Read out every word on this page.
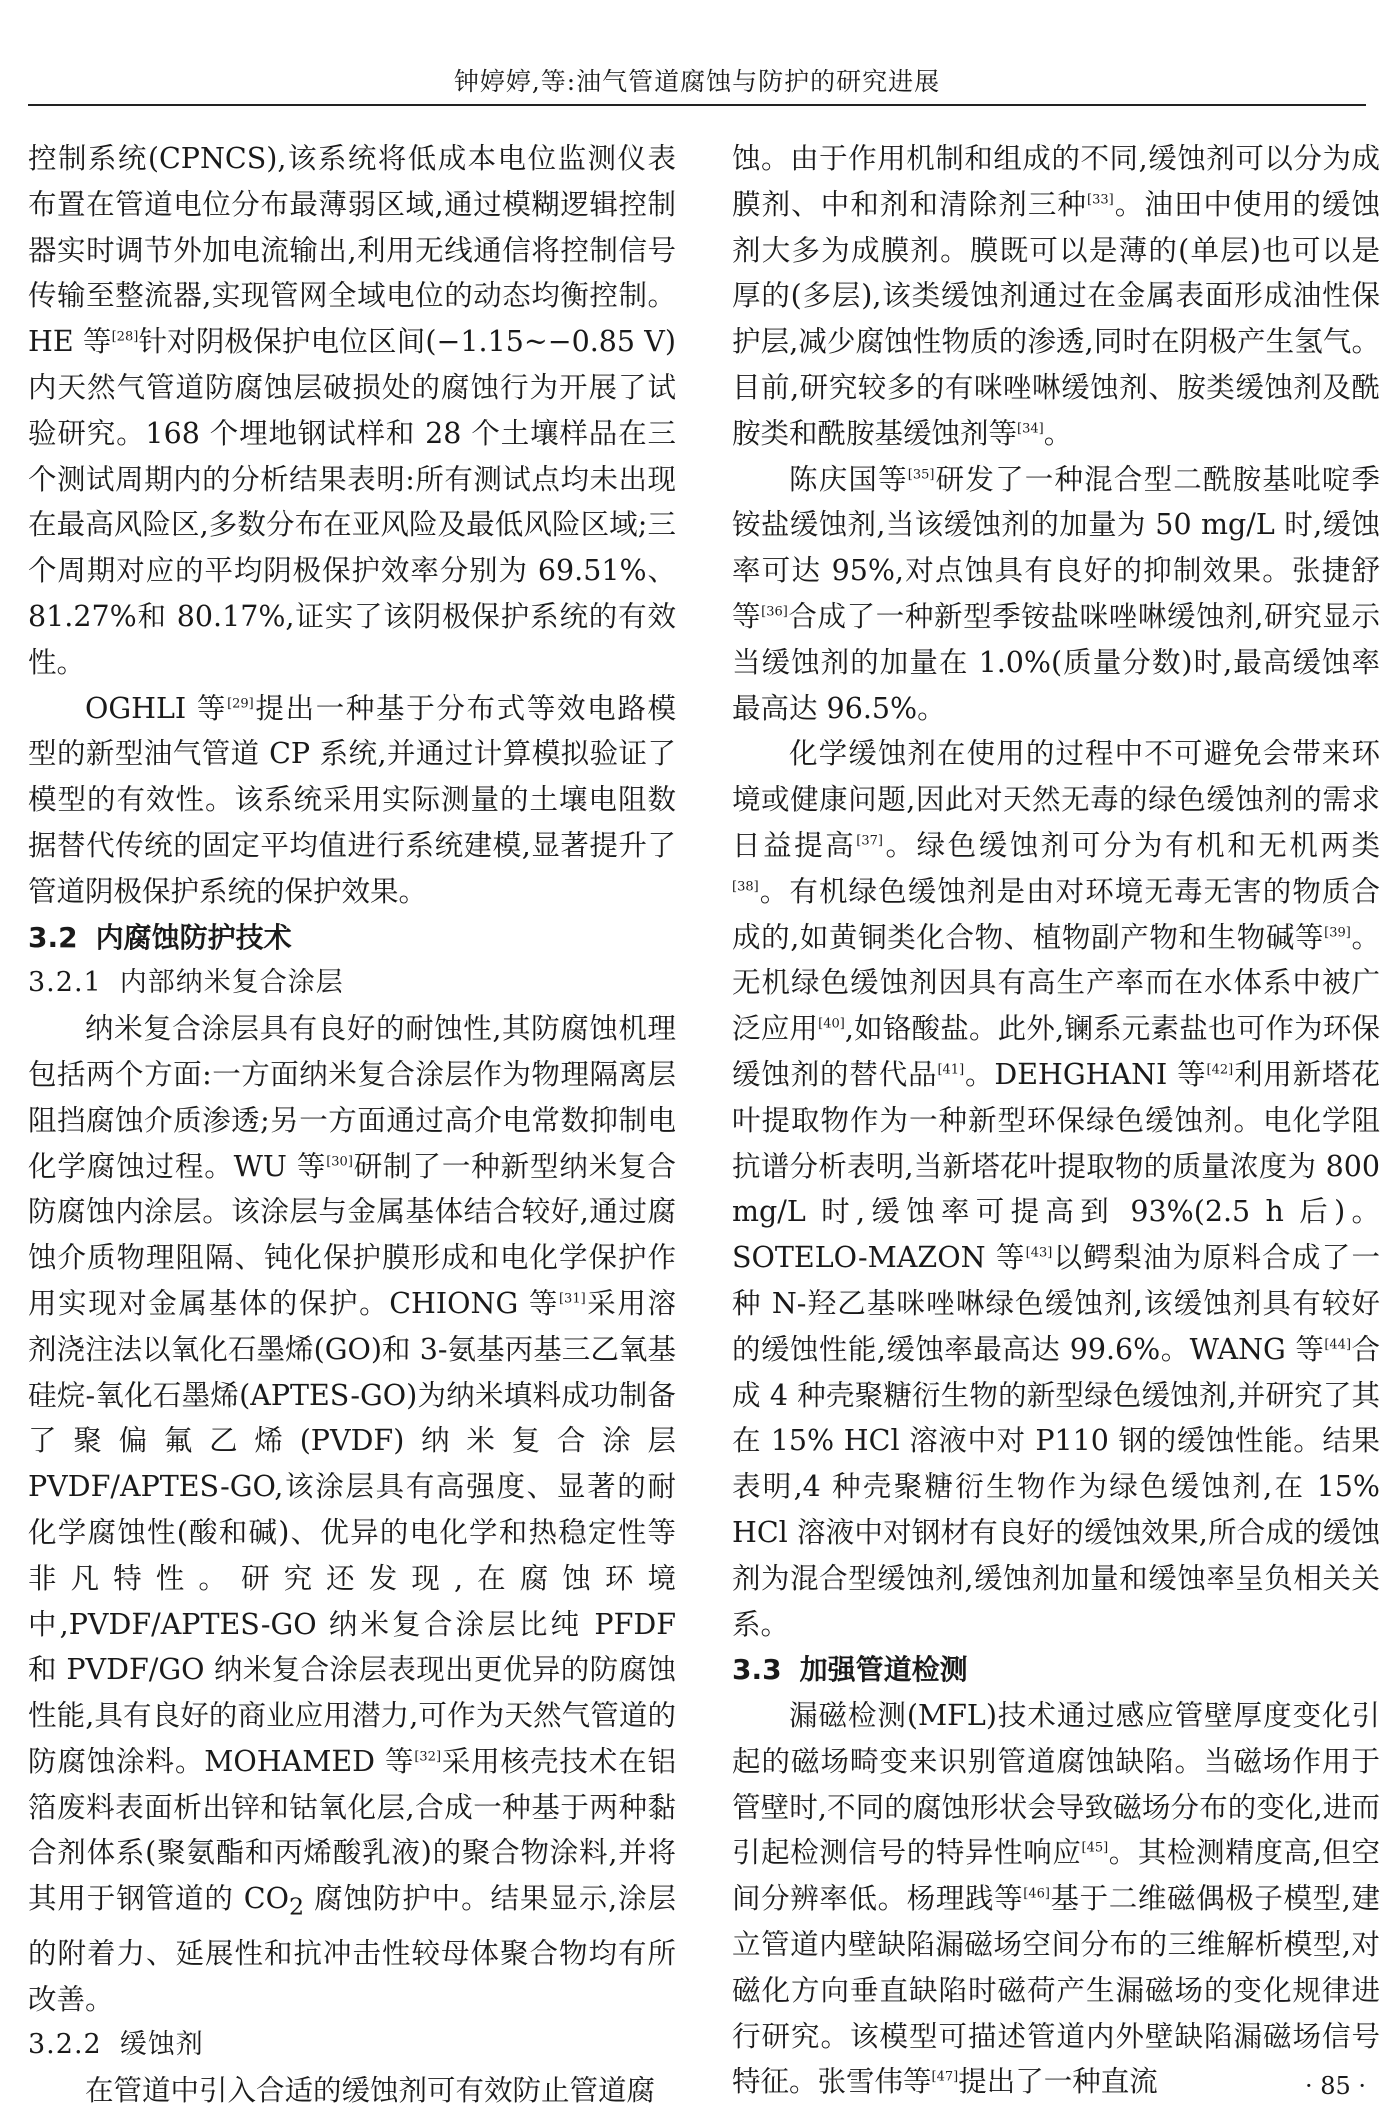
钟婷婷,等:油气管道腐蚀与防护的研究进展

控制系统(CPNCS),该系统将低成本电位监测仪表布置在管道电位分布最薄弱区域,通过模糊逻辑控制器实时调节外加电流输出,利用无线通信将控制信号传输至整流器,实现管网全域电位的动态均衡控制。HE 等[28]针对阴极保护电位区间(−1.15~−0.85 V)内天然气管道防腐蚀层破损处的腐蚀行为开展了试验研究。168 个埋地钢试样和 28 个土壤样品在三个测试周期内的分析结果表明:所有测试点均未出现在最高风险区,多数分布在亚风险及最低风险区域;三个周期对应的平均阴极保护效率分别为 69.51%、81.27%和 80.17%,证实了该阴极保护系统的有效性。

OGHLI 等[29]提出一种基于分布式等效电路模型的新型油气管道 CP 系统,并通过计算模拟验证了模型的有效性。该系统采用实际测量的土壤电阻数据替代传统的固定平均值进行系统建模,显著提升了管道阴极保护系统的保护效果。

3.2 内腐蚀防护技术
3.2.1 内部纳米复合涂层

纳米复合涂层具有良好的耐蚀性,其防腐蚀机理包括两个方面:一方面纳米复合涂层作为物理隔离层阻挡腐蚀介质渗透;另一方面通过高介电常数抑制电化学腐蚀过程。WU 等[30]研制了一种新型纳米复合防腐蚀内涂层。该涂层与金属基体结合较好,通过腐蚀介质物理阻隔、钝化保护膜形成和电化学保护作用实现对金属基体的保护。CHIONG 等[31]采用溶剂浇注法以氧化石墨烯(GO)和 3-氨基丙基三乙氧基硅烷-氧化石墨烯(APTES-GO)为纳米填料成功制备了聚偏氟乙烯(PVDF)纳米复合涂层 PVDF/APTES-GO,该涂层具有高强度、显著的耐化学腐蚀性(酸和碱)、优异的电化学和热稳定性等非凡特性。研究还发现,在腐蚀环境中,PVDF/APTES-GO 纳米复合涂层比纯 PFDF 和 PVDF/GO 纳米复合涂层表现出更优异的防腐蚀性能,具有良好的商业应用潜力,可作为天然气管道的防腐蚀涂料。MOHAMED 等[32]采用核壳技术在铝箔废料表面析出锌和钴氧化层,合成一种基于两种黏合剂体系(聚氨酯和丙烯酸乳液)的聚合物涂料,并将其用于钢管道的 $CO_2$ 腐蚀防护中。结果显示,涂层的附着力、延展性和抗冲击性较母体聚合物均有所改善。

3.2.2 缓蚀剂

在管道中引入合适的缓蚀剂可有效防止管道腐

蚀。由于作用机制和组成的不同,缓蚀剂可以分为成膜剂、中和剂和清除剂三种[33]。油田中使用的缓蚀剂大多为成膜剂。膜既可以是薄的(单层)也可以是厚的(多层),该类缓蚀剂通过在金属表面形成油性保护层,减少腐蚀性物质的渗透,同时在阴极产生氢气。目前,研究较多的有咪唑啉缓蚀剂、胺类缓蚀剂及酰胺类和酰胺基缓蚀剂等[34]。

陈庆国等[35]研发了一种混合型二酰胺基吡啶季铵盐缓蚀剂,当该缓蚀剂的加量为 50 mg/L 时,缓蚀率可达 95%,对点蚀具有良好的抑制效果。张捷舒等[36]合成了一种新型季铵盐咪唑啉缓蚀剂,研究显示当缓蚀剂的加量在 1.0%(质量分数)时,最高缓蚀率最高达 96.5%。

化学缓蚀剂在使用的过程中不可避免会带来环境或健康问题,因此对天然无毒的绿色缓蚀剂的需求日益提高[37]。绿色缓蚀剂可分为有机和无机两类[38]。有机绿色缓蚀剂是由对环境无毒无害的物质合成的,如黄铜类化合物、植物副产物和生物碱等[39]。无机绿色缓蚀剂因具有高生产率而在水体系中被广泛应用[40],如铬酸盐。此外,镧系元素盐也可作为环保缓蚀剂的替代品[41]。DEHGHANI 等[42]利用新塔花叶提取物作为一种新型环保绿色缓蚀剂。电化学阻抗谱分析表明,当新塔花叶提取物的质量浓度为 800 mg/L 时,缓蚀率可提高到 93%(2.5 h 后)。SOTELO-MAZON 等[43]以鳄梨油为原料合成了一种 N-羟乙基咪唑啉绿色缓蚀剂,该缓蚀剂具有较好的缓蚀性能,缓蚀率最高达 99.6%。WANG 等[44]合成 4 种壳聚糖衍生物的新型绿色缓蚀剂,并研究了其在 15% HCl 溶液中对 P110 钢的缓蚀性能。结果表明,4 种壳聚糖衍生物作为绿色缓蚀剂,在 15% HCl 溶液中对钢材有良好的缓蚀效果,所合成的缓蚀剂为混合型缓蚀剂,缓蚀剂加量和缓蚀率呈负相关关系。

3.3 加强管道检测

漏磁检测(MFL)技术通过感应管壁厚度变化引起的磁场畸变来识别管道腐蚀缺陷。当磁场作用于管壁时,不同的腐蚀形状会导致磁场分布的变化,进而引起检测信号的特异性响应[45]。其检测精度高,但空间分辨率低。杨理践等[46]基于二维磁偶极子模型,建立管道内壁缺陷漏磁场空间分布的三维解析模型,对磁化方向垂直缺陷时磁荷产生漏磁场的变化规律进行研究。该模型可描述管道内外壁缺陷漏磁场信号特征。张雪伟等[47]提出了一种直流	· 85 ·
